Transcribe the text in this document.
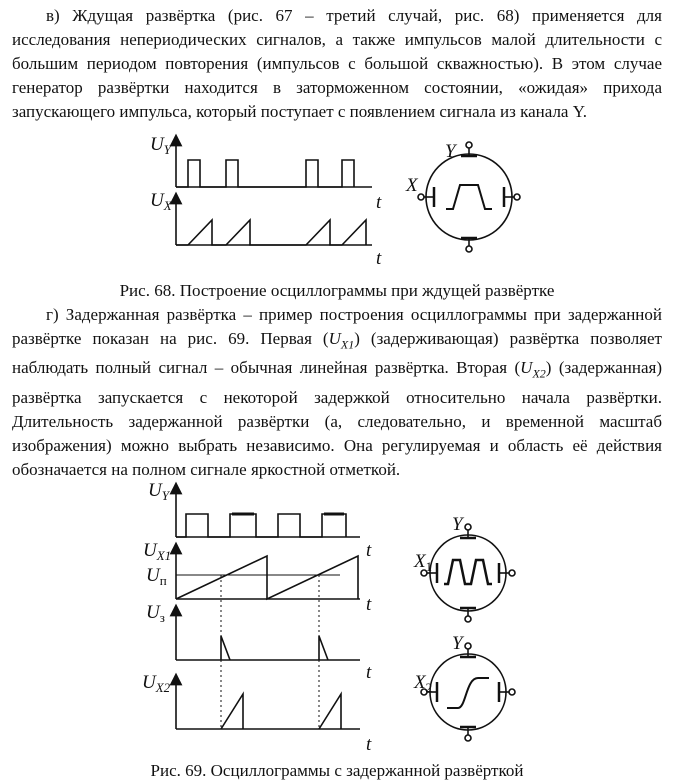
в) Ждущая развёртка (рис. 67 – третий случай, рис. 68) применяется для исследования непериодических сигналов, а также импульсов малой длительности с большим периодом повторения (импульсов с большой скважностью). В этом случае генератор развёртки находится в заторможенном состоянии, «ожидая» прихода запускающего импульса, который поступает с появлением сигнала из канала Y.

$U_Y$
$U_X$	t
t
Y
X
Рис. 68. Построение осциллограммы при ждущей развёртке

г) Задержанная развёртка – пример построения осциллограммы при задержанной развёртке показан на рис. 69. Первая $(U_{X1})$ (задерживающая) развёртка позволяет наблюдать полный сигнал – обычная линейная развёртка. Вторая $(U_{X2})$ (задержанная) развёртка запускается с некоторой задержкой относительно начала развёртки. Длительность задержанной развёртки (а, следовательно, и временной масштаб изображения) можно выбрать независимо. Она регулируемая и область её действия обозначается на полном сигнале яркостной отметкой.

$U_Y$
$U_{X1}$
$U_п$
$U_з$
$U_{X2}$
t
t
t
t
Y
$X_1$
Y
$X_2$
Рис. 69. Осциллограммы с задержанной развёрткой
